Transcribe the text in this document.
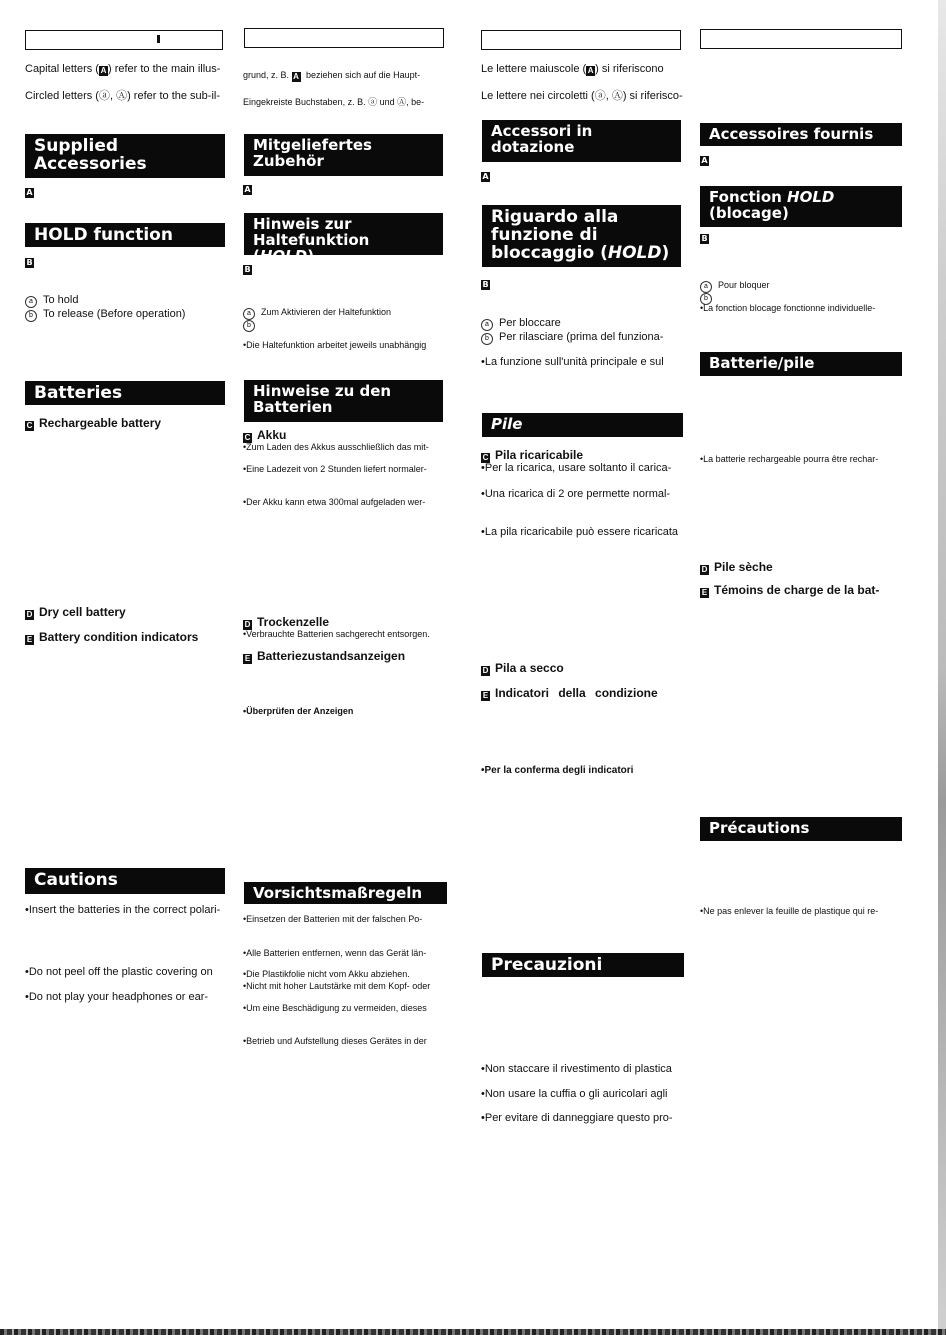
Capital letters ( A ) refer to the main illus-
Circled letters (ⓐ, Ⓐ) refer to the sub-il-
Supplied Accessories
A
HOLD function
B
a To hold
b To release (Before operation)
Batteries
C Rechargeable battery
D Dry cell battery
E Battery condition indicators
Cautions
•Insert the batteries in the correct polari-
•Do not peel off the plastic covering on
•Do not play your headphones or ear-
grund, z. B. A beziehen sich auf die Haupt-
Eingekreiste Buchstaben, z. B. ⓐ und Ⓐ, be-
Mitgeliefertes
Zubehör
A
Hinweis zur
Haltefunktion (HOLD)
B
a Zum Aktivieren der Haltefunktion
b
•Die Haltefunktion arbeitet jeweils unabhängig
Hinweise zu den
Batterien
C Akku
•Zum Laden des Akkus ausschließlich das mit-
•Eine Ladezeit von 2 Stunden liefert normaler-
•Der Akku kann etwa 300mal aufgeladen wer-
D Trockenzelle
•Verbrauchte Batterien sachgerecht entsorgen.
E Batteriezustandsanzeigen
•Überprüfen der Anzeigen
Vorsichtsmaßregeln
•Einsetzen der Batterien mit der falschen Po-
•Alle Batterien entfernen, wenn das Gerät län-
•Die Plastikfolie nicht vom Akku abziehen.
•Nicht mit hoher Lautstärke mit dem Kopf- oder
•Um eine Beschädigung zu vermeiden, dieses
•Betrieb und Aufstellung dieses Gerätes in der
Le lettere maiuscole ( A ) si riferiscono
Le lettere nei circoletti (ⓐ, Ⓐ) si riferisco-
Accessori in
dotazione
A
Riguardo alla
funzione di
bloccaggio (HOLD)
B
a Per bloccare
b Per rilasciare (prima del funziona-
•La funzione sull'unità principale e sul
Pile
C Pila ricaricabile
•Per la ricarica, usare soltanto il carica-
•Una ricarica di 2 ore permette normal-
•La pila ricaricabile può essere ricaricata
D Pila a secco
E Indicatori della condizione
•Per la conferma degli indicatori
Precauzioni
•Non staccare il rivestimento di plastica
•Non usare la cuffia o gli auricolari agli
•Per evitare di danneggiare questo pro-
Accessoires fournis
A
Fonction HOLD
(blocage)
B
a Pour bloquer
b
•La fonction blocage fonctionne individuelle-
Batterie/pile
•La batterie rechargeable pourra être rechar-
D Pile sèche
E Témoins de charge de la bat-
Précautions
•Ne pas enlever la feuille de plastique qui re-
